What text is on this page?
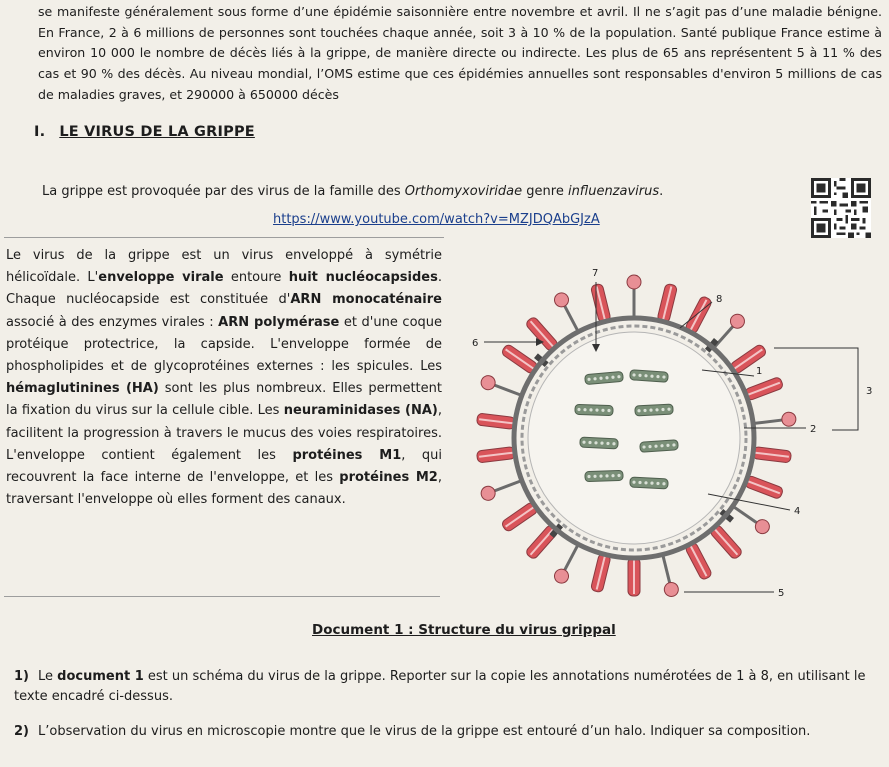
se manifeste généralement sous forme d’une épidémie saisonnière entre novembre et avril. Il ne s’agit pas d’une maladie bénigne. En France, 2 à 6 millions de personnes sont touchées chaque année, soit 3 à 10 % de la population. Santé publique France estime à environ 10 000 le nombre de décès liés à la grippe, de manière directe ou indirecte. Les plus de 65 ans représentent 5 à 11 % des cas et 90 % des décès. Au niveau mondial, l’OMS estime que ces épidémies annuelles sont responsables d'environ 5 millions de cas de maladies graves, et 290000 à 650000 décès

I. LE VIRUS DE LA GRIPPE
La grippe est provoquée par des virus de la famille des Orthomyxoviridae genre influenzavirus.
https://www.youtube.com/watch?v=MZJDQAbGJzA

Le virus de la grippe est un virus enveloppé à symétrie hélicoïdale. L'enveloppe virale entoure huit nucléocapsides. Chaque nucléocapside est constituée d'ARN monocaténaire associé à des enzymes virales : ARN polymérase et d'une coque protéique protectrice, la capside. L'enveloppe formée de phospholipides et de glycoprotéines externes : les spicules. Les hémaglutinines (HA) sont les plus nombreux. Elles permettent la fixation du virus sur la cellule cible. Les neuraminidases (NA), facilitent la progression à travers le mucus des voies respiratoires. L'enveloppe contient également les protéines M1, qui recouvrent la face interne de l'enveloppe, et les protéines M2, traversant l'enveloppe où elles forment des canaux.

7
8
6
1
3
2
4
5
Document 1 : Structure du virus grippal
1) Le document 1 est un schéma du virus de la grippe. Reporter sur la copie les annotations numérotées de 1 à 8, en utilisant le texte encadré ci-dessus.
2) L’observation du virus en microscopie montre que le virus de la grippe est entouré d’un halo. Indiquer sa composition.
